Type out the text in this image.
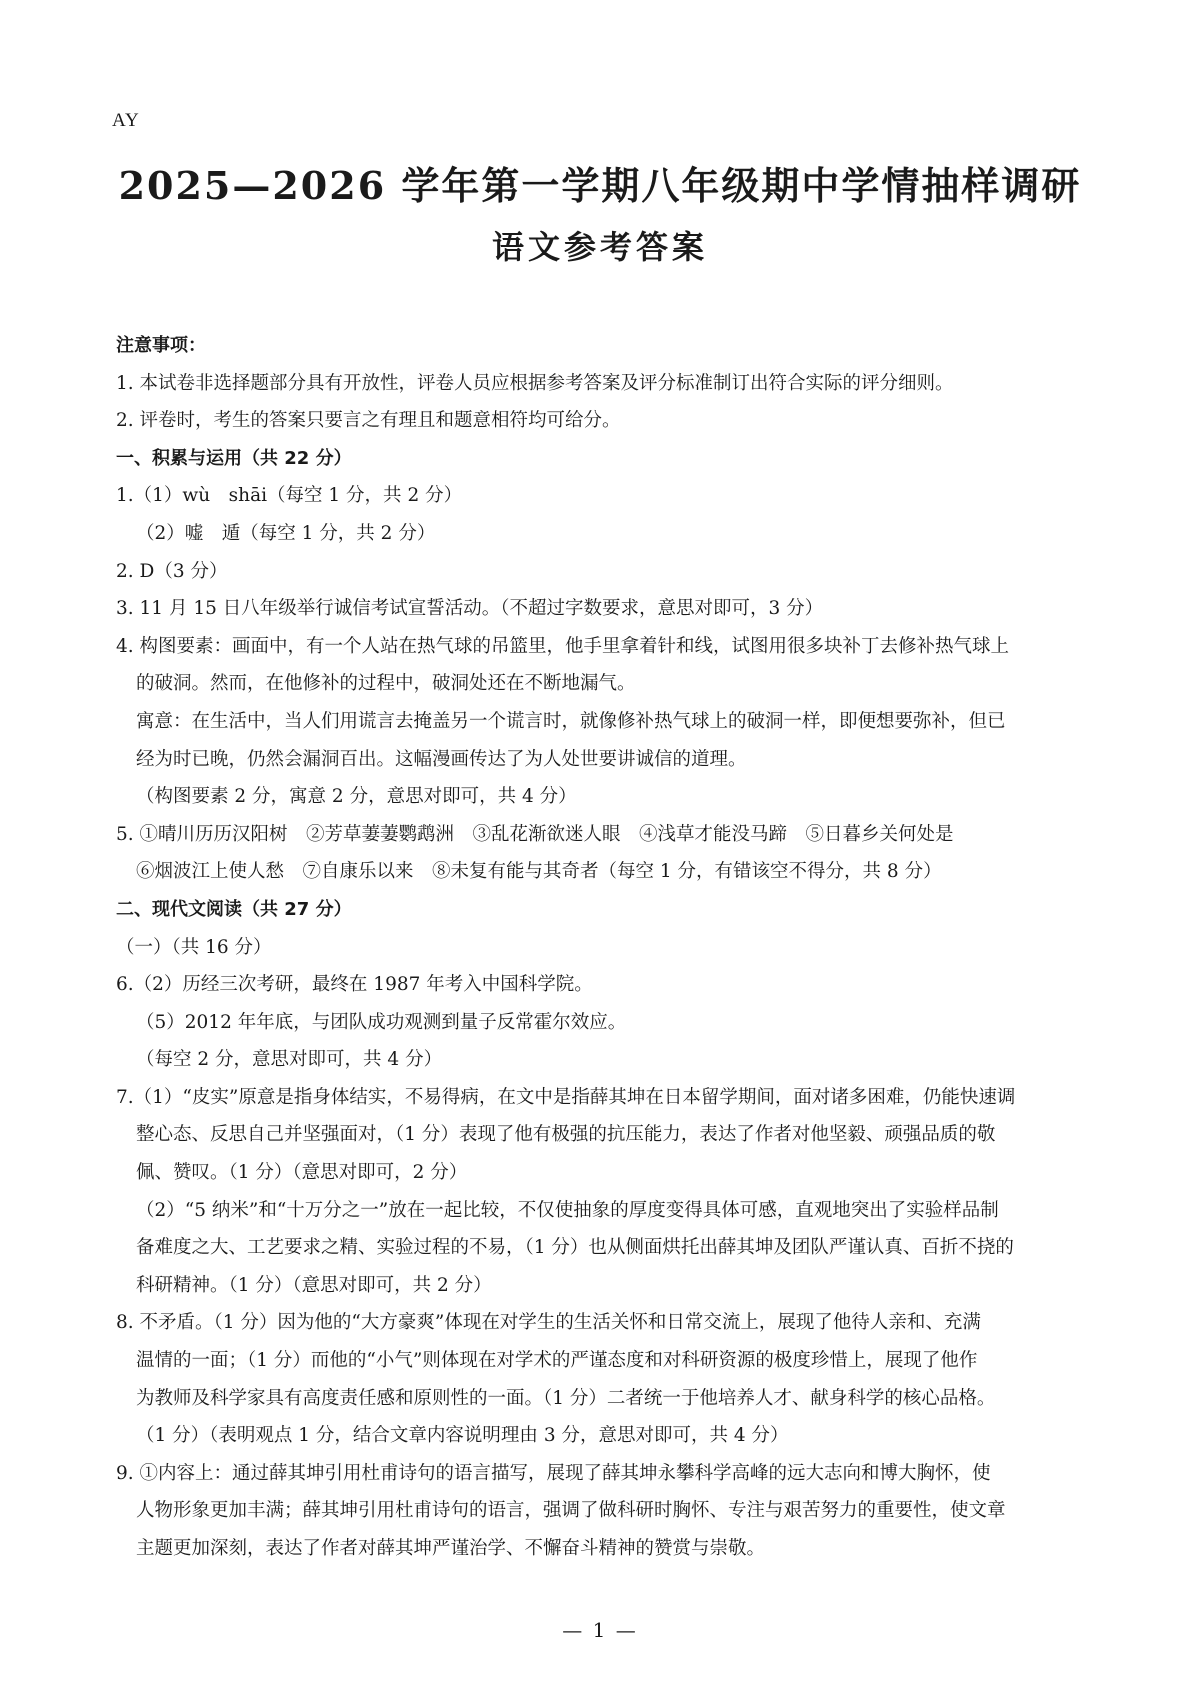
AY
2025—2026 学年第一学期八年级期中学情抽样调研
语文参考答案
注意事项：
1. 本试卷非选择题部分具有开放性，评卷人员应根据参考答案及评分标准制订出符合实际的评分细则。
2. 评卷时，考生的答案只要言之有理且和题意相符均可给分。
一、积累与运用（共 22 分）
1.（1）wù　shāi（每空 1 分，共 2 分）
（2）嘘　遁（每空 1 分，共 2 分）
2. D（3 分）
3. 11 月 15 日八年级举行诚信考试宣誓活动。（不超过字数要求，意思对即可，3 分）
4. 构图要素：画面中，有一个人站在热气球的吊篮里，他手里拿着针和线，试图用很多块补丁去修补热气球上
的破洞。然而，在他修补的过程中，破洞处还在不断地漏气。
寓意：在生活中，当人们用谎言去掩盖另一个谎言时，就像修补热气球上的破洞一样，即便想要弥补，但已
经为时已晚，仍然会漏洞百出。这幅漫画传达了为人处世要讲诚信的道理。
（构图要素 2 分，寓意 2 分，意思对即可，共 4 分）
5. ①晴川历历汉阳树　②芳草萋萋鹦鹉洲　③乱花渐欲迷人眼　④浅草才能没马蹄　⑤日暮乡关何处是
⑥烟波江上使人愁　⑦自康乐以来　⑧未复有能与其奇者（每空 1 分，有错该空不得分，共 8 分）
二、现代文阅读（共 27 分）
（一）（共 16 分）
6.（2）历经三次考研，最终在 1987 年考入中国科学院。
（5）2012 年年底，与团队成功观测到量子反常霍尔效应。
（每空 2 分，意思对即可，共 4 分）
7.（1）“皮实”原意是指身体结实，不易得病，在文中是指薛其坤在日本留学期间，面对诸多困难，仍能快速调
整心态、反思自己并坚强面对，（1 分）表现了他有极强的抗压能力，表达了作者对他坚毅、顽强品质的敬
佩、赞叹。（1 分）（意思对即可，2 分）
（2）“5 纳米”和“十万分之一”放在一起比较，不仅使抽象的厚度变得具体可感，直观地突出了实验样品制
备难度之大、工艺要求之精、实验过程的不易，（1 分）也从侧面烘托出薛其坤及团队严谨认真、百折不挠的
科研精神。（1 分）（意思对即可，共 2 分）
8. 不矛盾。（1 分）因为他的“大方豪爽”体现在对学生的生活关怀和日常交流上，展现了他待人亲和、充满
温情的一面；（1 分）而他的“小气”则体现在对学术的严谨态度和对科研资源的极度珍惜上，展现了他作
为教师及科学家具有高度责任感和原则性的一面。（1 分）二者统一于他培养人才、献身科学的核心品格。
（1 分）（表明观点 1 分，结合文章内容说明理由 3 分，意思对即可，共 4 分）
9. ①内容上：通过薛其坤引用杜甫诗句的语言描写，展现了薛其坤永攀科学高峰的远大志向和博大胸怀，使
人物形象更加丰满；薛其坤引用杜甫诗句的语言，强调了做科研时胸怀、专注与艰苦努力的重要性，使文章
主题更加深刻，表达了作者对薛其坤严谨治学、不懈奋斗精神的赞赏与崇敬。
— 1 —
